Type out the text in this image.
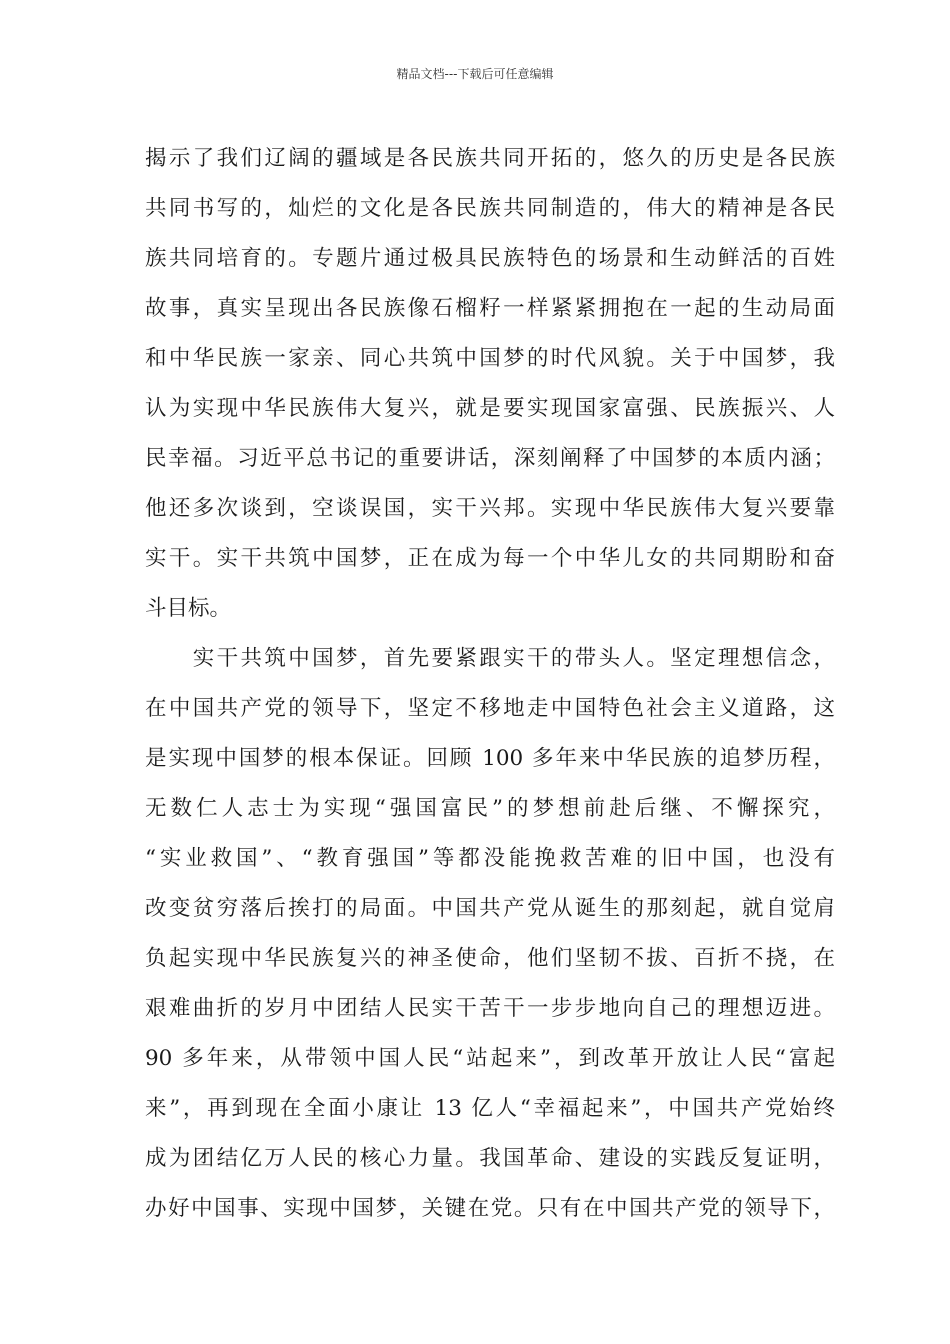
精品文档---下载后可任意编辑
揭示了我们辽阔的疆域是各民族共同开拓的，悠久的历史是各民族
共同书写的，灿烂的文化是各民族共同制造的，伟大的精神是各民
族共同培育的。专题片通过极具民族特色的场景和生动鲜活的百姓
故事，真实呈现出各民族像石榴籽一样紧紧拥抱在一起的生动局面
和中华民族一家亲、同心共筑中国梦的时代风貌。关于中国梦，我
认为实现中华民族伟大复兴，就是要实现国家富强、民族振兴、人
民幸福。习近平总书记的重要讲话，深刻阐释了中国梦的本质内涵；
他还多次谈到，空谈误国，实干兴邦。实现中华民族伟大复兴要靠
实干。实干共筑中国梦，正在成为每一个中华儿女的共同期盼和奋
斗目标。
　　实干共筑中国梦，首先要紧跟实干的带头人。坚定理想信念，
在中国共产党的领导下，坚定不移地走中国特色社会主义道路，这
是实现中国梦的根本保证。回顾 100 多年来中华民族的追梦历程，
无数仁人志士为实现“强国富民”的梦想前赴后继、不懈探究，
“实业救国”、“教育强国”等都没能挽救苦难的旧中国，也没有
改变贫穷落后挨打的局面。中国共产党从诞生的那刻起，就自觉肩
负起实现中华民族复兴的神圣使命，他们坚韧不拔、百折不挠，在
艰难曲折的岁月中团结人民实干苦干一步步地向自己的理想迈进。
90 多年来，从带领中国人民“站起来”，到改革开放让人民“富起
来”，再到现在全面小康让 13 亿人“幸福起来”，中国共产党始终
成为团结亿万人民的核心力量。我国革命、建设的实践反复证明，
办好中国事、实现中国梦，关键在党。只有在中国共产党的领导下，
